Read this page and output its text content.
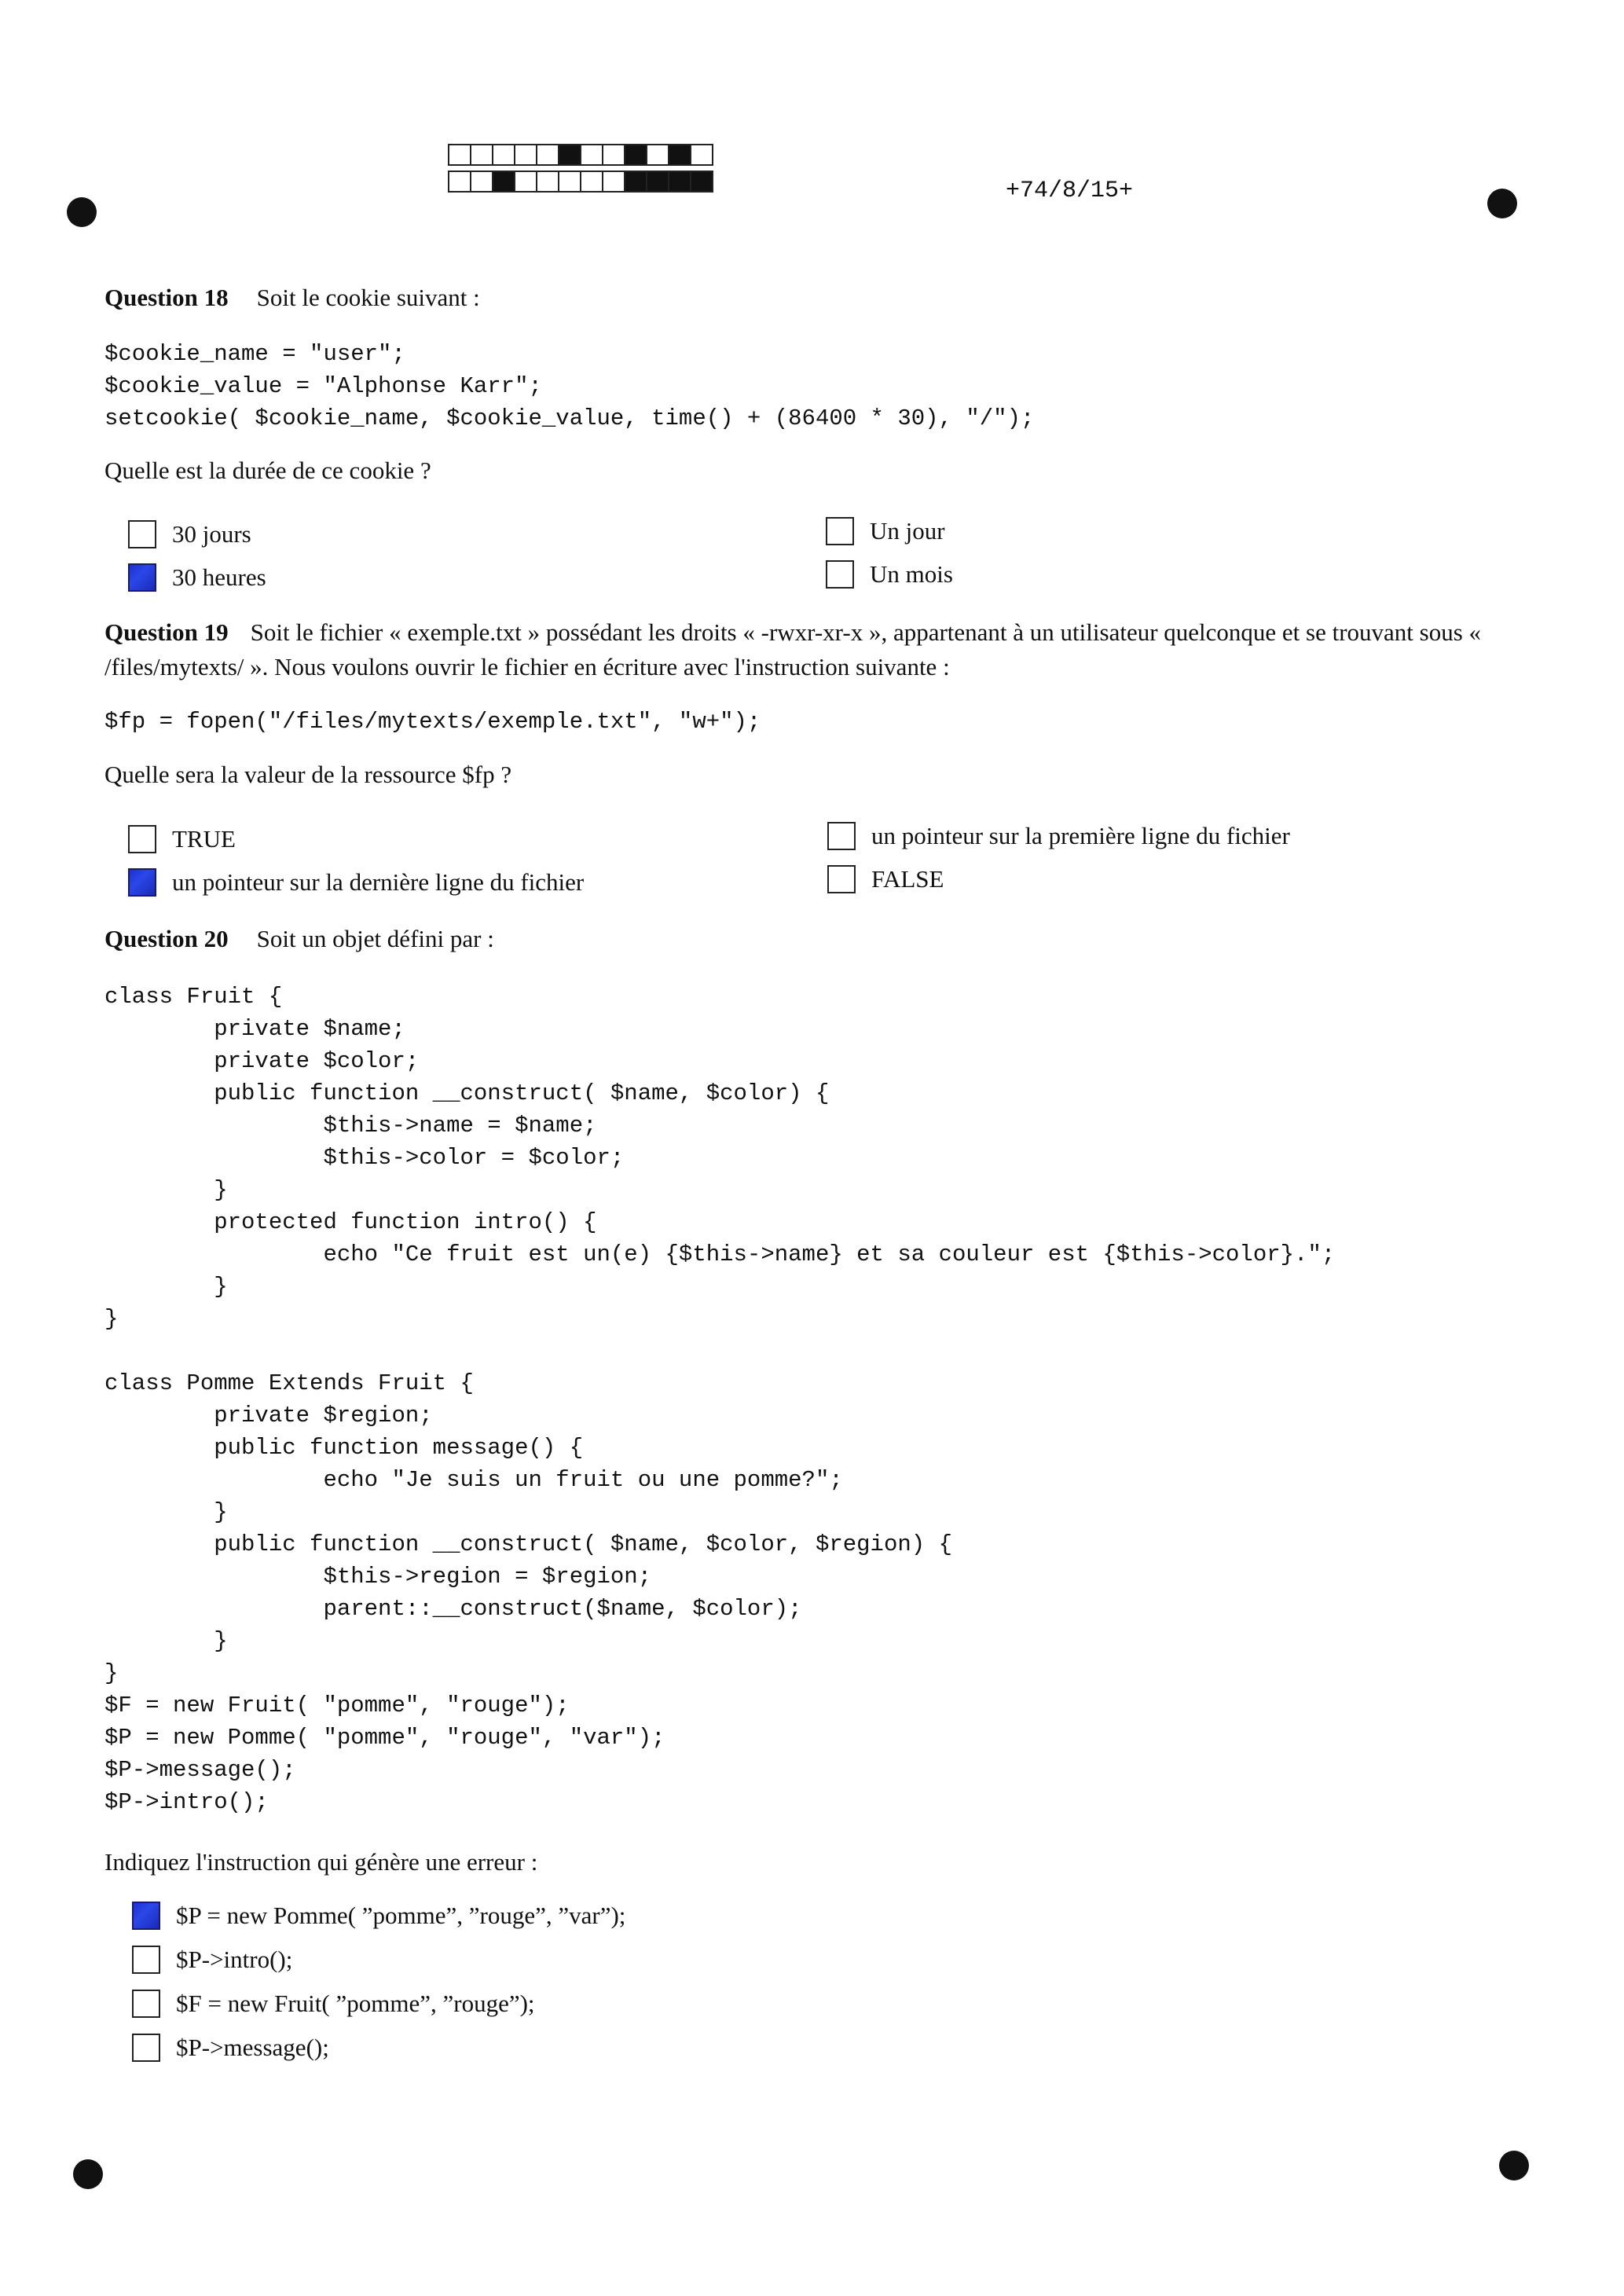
+74/8/15+
Question 18 Soit le cookie suivant :
$cookie_name = "user";
$cookie_value = "Alphonse Karr";
setcookie( $cookie_name, $cookie_value, time() + (86400 * 30), "/");
Quelle est la durée de ce cookie ?
30 jours
30 heures
Un jour
Un mois
Question 19 Soit le fichier « exemple.txt » possédant les droits « -rwxr-xr-x », appartenant à un utilisateur quelconque et se trouvant sous « /files/mytexts/ ». Nous voulons ouvrir le fichier en écriture avec l'instruction suivante :
$fp = fopen("/files/mytexts/exemple.txt", "w+");
Quelle sera la valeur de la ressource $fp ?
TRUE
un pointeur sur la dernière ligne du fichier
un pointeur sur la première ligne du fichier
FALSE
Question 20 Soit un objet défini par :
class Fruit {
private $name;
private $color;
public function __construct( $name, $color) {
$this->name = $name;
$this->color = $color;
}
protected function intro() {
echo "Ce fruit est un(e) {$this->name} et sa couleur est {$this->color}.";
}
}

class Pomme Extends Fruit {
private $region;
public function message() {
echo "Je suis un fruit ou une pomme?";
}
public function __construct( $name, $color, $region) {
$this->region = $region;
parent::__construct($name, $color);
}
}
$F = new Fruit( "pomme", "rouge");
$P = new Pomme( "pomme", "rouge", "var");
$P->message();
$P->intro();
Indiquez l'instruction qui génère une erreur :
$P = new Pomme( ”pomme”, ”rouge”, ”var”);
$P->intro();
$F = new Fruit( ”pomme”, ”rouge”);
$P->message();
